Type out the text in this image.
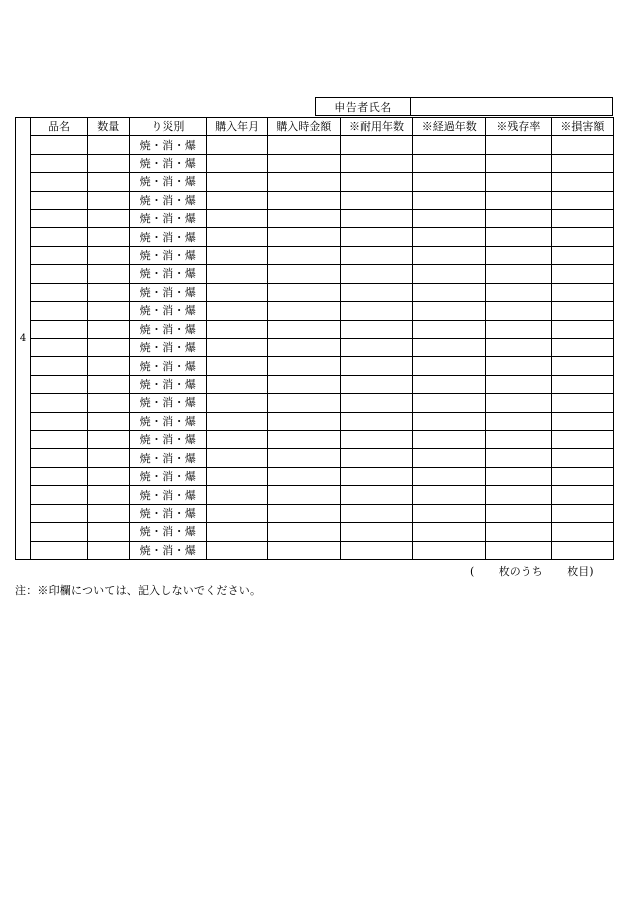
申告者氏名
4
品名	数量	り災別	購入年月	購入時金額	※耐用年数	※経過年数	※残存率	※損害額
		焼・消・爆						
		焼・消・爆						
		焼・消・爆						
		焼・消・爆						
		焼・消・爆						
		焼・消・爆						
		焼・消・爆						
		焼・消・爆						
		焼・消・爆						
		焼・消・爆						
		焼・消・爆						
		焼・消・爆						
		焼・消・爆						
		焼・消・爆						
		焼・消・爆						
		焼・消・爆						
		焼・消・爆						
		焼・消・爆						
		焼・消・爆						
		焼・消・爆						
		焼・消・爆						
		焼・消・爆						
		焼・消・爆						
( 枚のうち 枚目)
注：※印欄については、記入しないでください。
